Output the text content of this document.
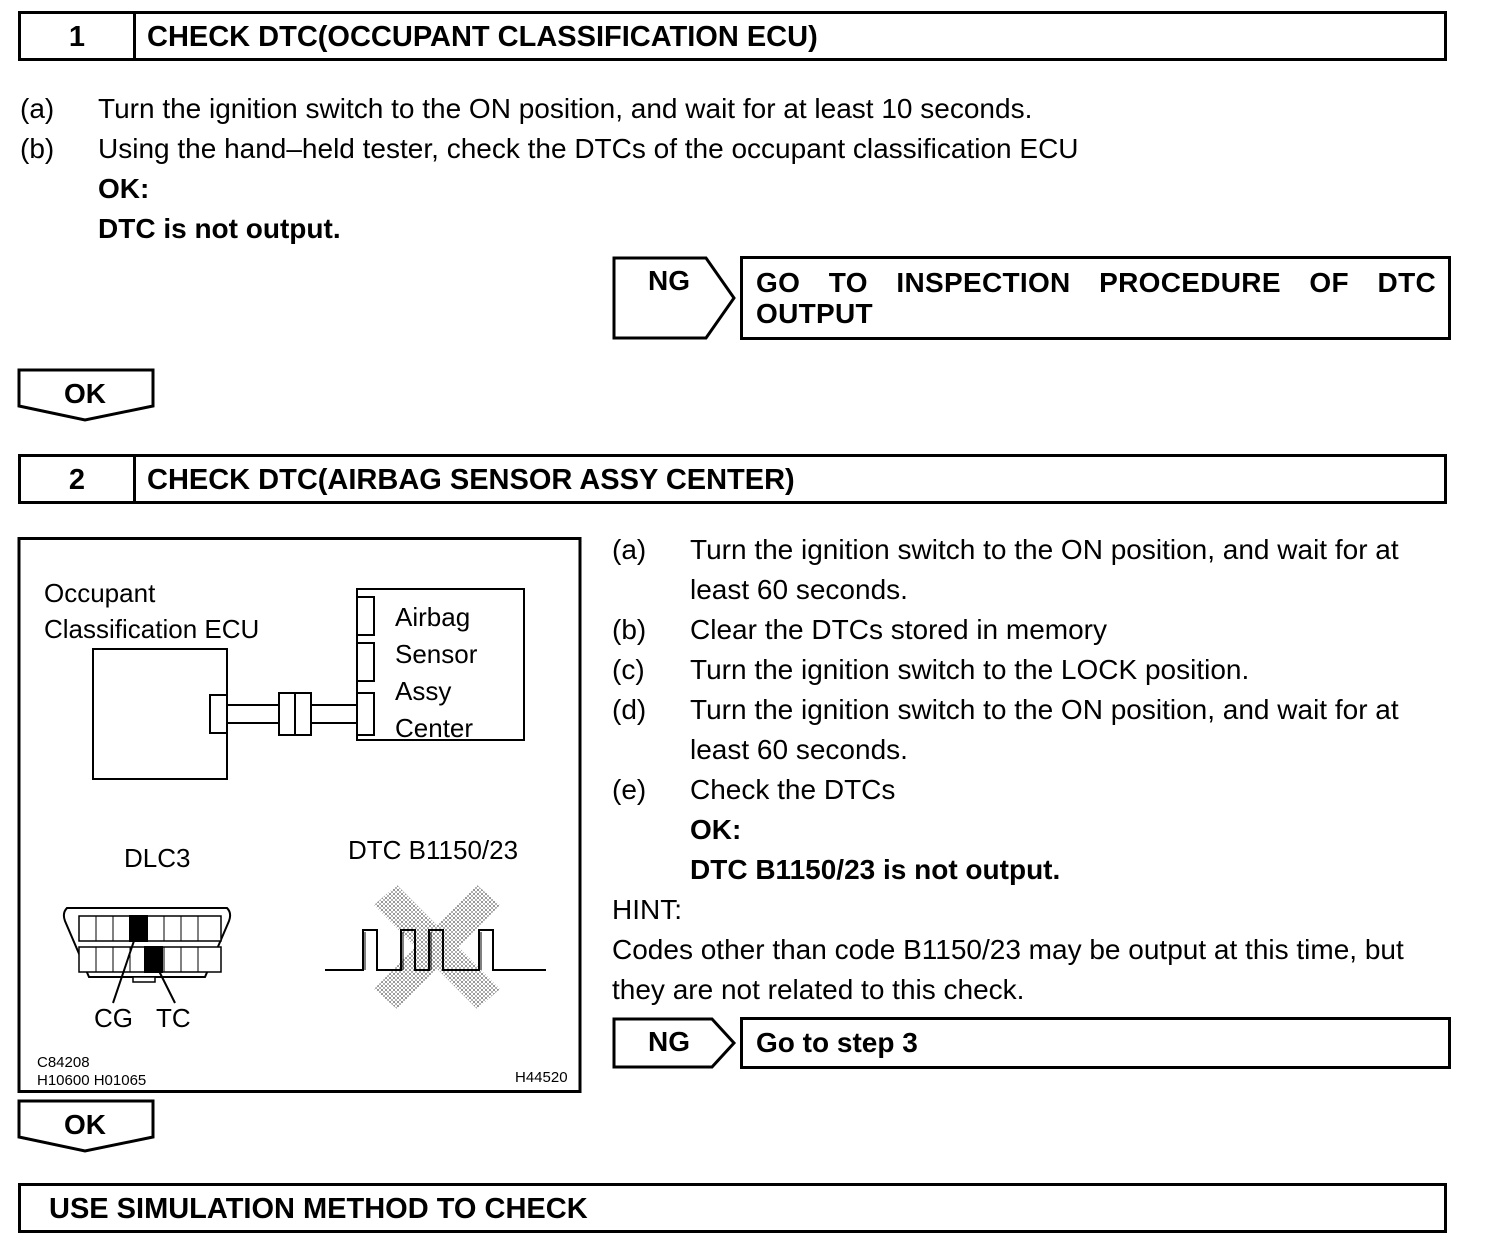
1	CHECK DTC(OCCUPANT CLASSIFICATION ECU)
(a) Turn the ignition switch to the ON position, and wait for at least 10 seconds.
(b) Using the hand–held tester, check the DTCs of the occupant classification ECU
OK:
DTC is not output.
NG	GO TO INSPECTION PROCEDURE OF DTC
OUTPUT
OK
2	CHECK DTC(AIRBAG SENSOR ASSY CENTER)
Occupant
Classification ECU	Airbag
Sensor
Assy
Center
DLC3	DTC B1150/23
CG TC
C84208
H10600 H01065	H44520
(a) Turn the ignition switch to the ON position, and wait for at
least 60 seconds.
(b) Clear the DTCs stored in memory
(c) Turn the ignition switch to the LOCK position.
(d) Turn the ignition switch to the ON position, and wait for at
least 60 seconds.
(e) Check the DTCs
OK:
DTC B1150/23 is not output.
HINT:
Codes other than code B1150/23 may be output at this time, but
they are not related to this check.
NG	Go to step 3
OK
USE SIMULATION METHOD TO CHECK
